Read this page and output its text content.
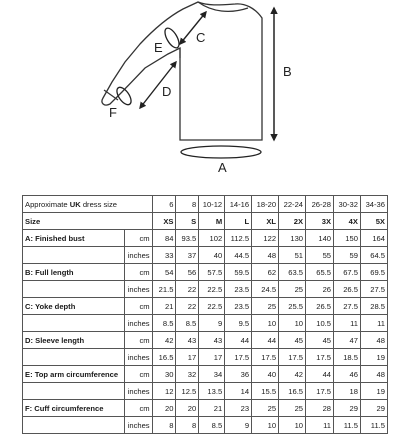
A
B
C
D
E
F
Approximate UK dress size		6	8	10-12	14-16	18-20	22-24	26-28	30-32	34-36
Size		XS	S	M	L	XL	2X	3X	4X	5X
A: Finished bust	cm	84	93.5	102	112.5	122	130	140	150	164
	inches	33	37	40	44.5	48	51	55	59	64.5
B: Full length	cm	54	56	57.5	59.5	62	63.5	65.5	67.5	69.5
	inches	21.5	22	22.5	23.5	24.5	25	26	26.5	27.5
C: Yoke depth	cm	21	22	22.5	23.5	25	25.5	26.5	27.5	28.5
	inches	8.5	8.5	9	9.5	10	10	10.5	11	11
D: Sleeve length	cm	42	43	43	44	44	45	45	47	48
	inches	16.5	17	17	17.5	17.5	17.5	17.5	18.5	19
E: Top arm circumference	cm	30	32	34	36	40	42	44	46	48
	inches	12	12.5	13.5	14	15.5	16.5	17.5	18	19
F: Cuff circumference	cm	20	20	21	23	25	25	28	29	29
	inches	8	8	8.5	9	10	10	11	11.5	11.5
